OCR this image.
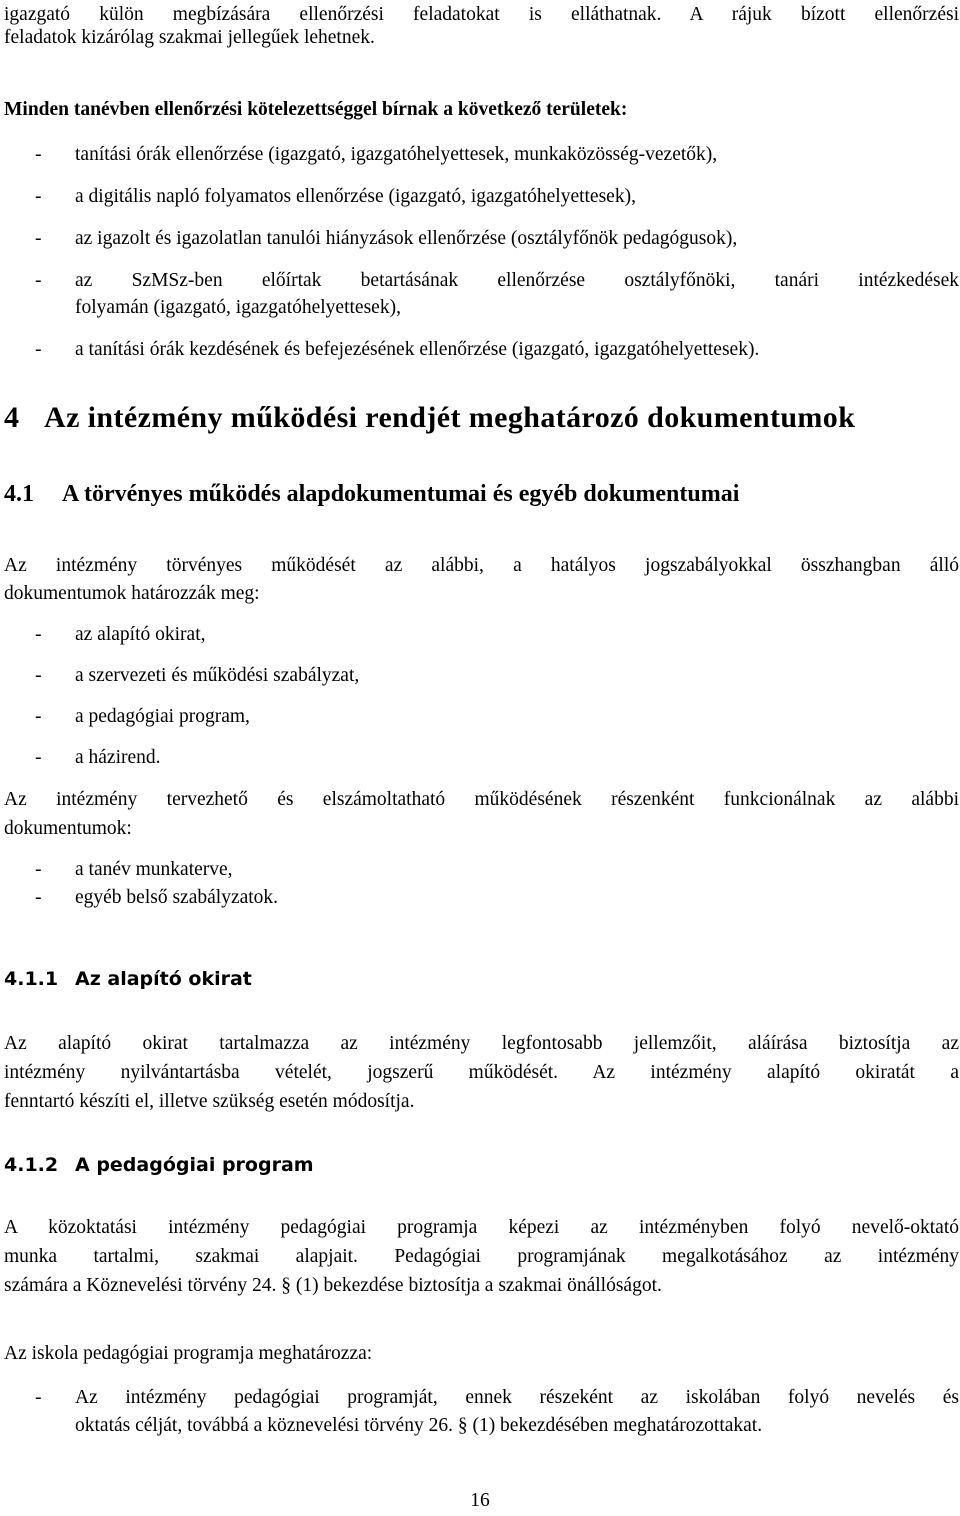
igazgató külön megbízására ellenőrzési feladatokat is elláthatnak. A rájuk bízott ellenőrzési
feladatok kizárólag szakmai jellegűek lehetnek.
Minden tanévben ellenőrzési kötelezettséggel bírnak a következő területek:
- tanítási órák ellenőrzése (igazgató, igazgatóhelyettesek, munkaközösség-vezetők),
- a digitális napló folyamatos ellenőrzése (igazgató, igazgatóhelyettesek),
- az igazolt és igazolatlan tanulói hiányzások ellenőrzése (osztályfőnök pedagógusok),
- az SzMSz-ben előírtak betartásának ellenőrzése osztályfőnöki, tanári intézkedések
folyamán (igazgató, igazgatóhelyettesek),
- a tanítási órák kezdésének és befejezésének ellenőrzése (igazgató, igazgatóhelyettesek).
4 Az intézmény működési rendjét meghatározó dokumentumok
4.1 A törvényes működés alapdokumentumai és egyéb dokumentumai
Az intézmény törvényes működését az alábbi, a hatályos jogszabályokkal összhangban álló
dokumentumok határozzák meg:
- az alapító okirat,
- a szervezeti és működési szabályzat,
- a pedagógiai program,
- a házirend.
Az intézmény tervezhető és elszámoltatható működésének részenként funkcionálnak az alábbi
dokumentumok:
- a tanév munkaterve,
- egyéb belső szabályzatok.
4.1.1 Az alapító okirat
Az alapító okirat tartalmazza az intézmény legfontosabb jellemzőit, aláírása biztosítja az
intézmény nyilvántartásba vételét, jogszerű működését. Az intézmény alapító okiratát a
fenntartó készíti el, illetve szükség esetén módosítja.
4.1.2 A pedagógiai program
A közoktatási intézmény pedagógiai programja képezi az intézményben folyó nevelő-oktató
munka tartalmi, szakmai alapjait. Pedagógiai programjának megalkotásához az intézmény
számára a Köznevelési törvény 24. § (1) bekezdése biztosítja a szakmai önállóságot.
Az iskola pedagógiai programja meghatározza:
- Az intézmény pedagógiai programját, ennek részeként az iskolában folyó nevelés és
oktatás célját, továbbá a köznevelési törvény 26. § (1) bekezdésében meghatározottakat.
16
